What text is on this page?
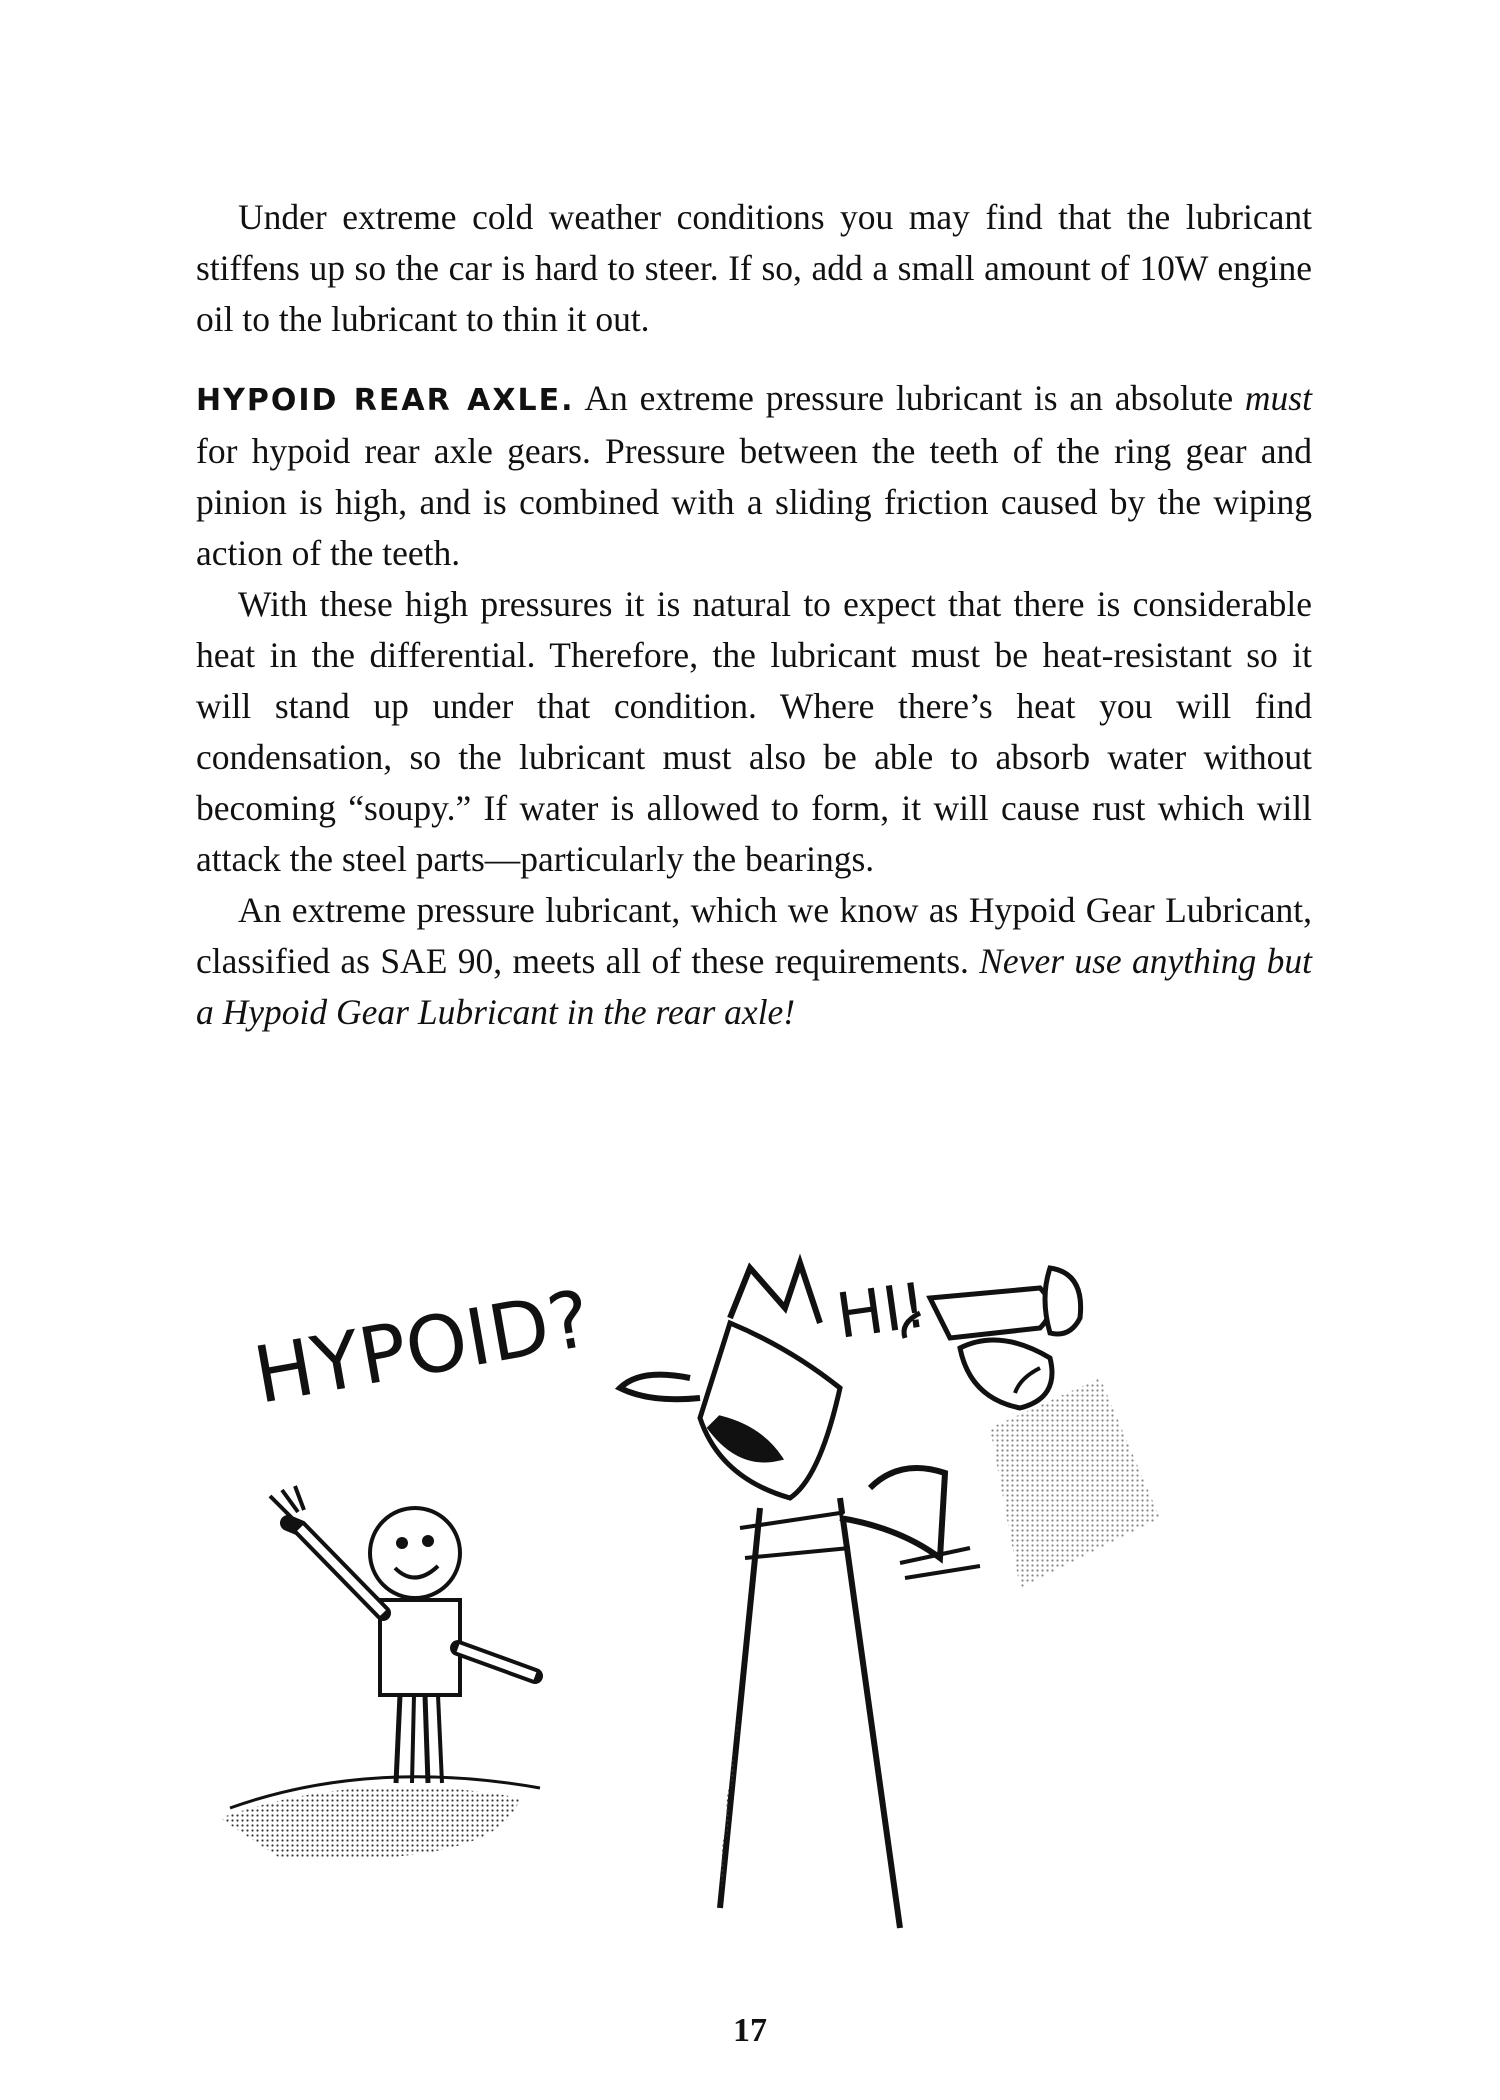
Under extreme cold weather conditions you may find that the lubricant stiffens up so the car is hard to steer. If so, add a small amount of 10W engine oil to the lubricant to thin it out.

HYPOID REAR AXLE. An extreme pressure lubricant is an absolute must for hypoid rear axle gears. Pressure between the teeth of the ring gear and pinion is high, and is combined with a sliding friction caused by the wiping action of the teeth.

With these high pressures it is natural to expect that there is considerable heat in the differential. Therefore, the lubricant must be heat-resistant so it will stand up under that condition. Where there’s heat you will find condensation, so the lubricant must also be able to absorb water without becoming “soupy.” If water is allowed to form, it will cause rust which will attack the steel parts—particularly the bearings.

An extreme pressure lubricant, which we know as Hypoid Gear Lubricant, classified as SAE 90, meets all of these requirements. Never use anything but a Hypoid Gear Lubricant in the rear axle!

HYPOID?	HI!
17
